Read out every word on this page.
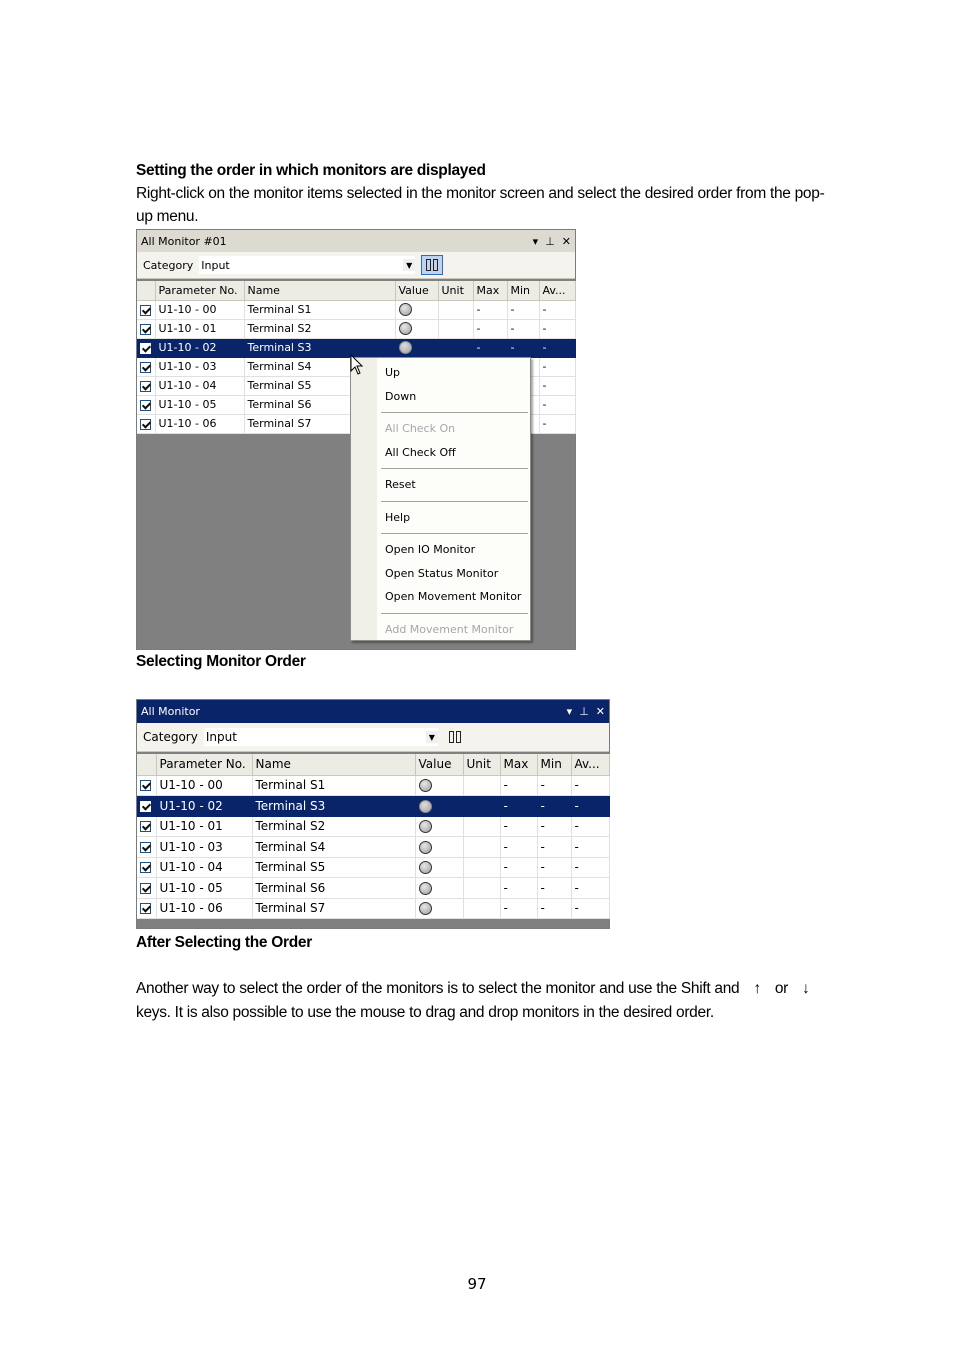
Setting the order in which monitors are displayed
Right-click on the monitor items selected in the monitor screen and select the desired order from the pop-
up menu.
All Monitor #01	▾ ⊥ ✕
Category Input	▼
	Parameter No.	Name	Value	Unit	Max	Min	Av...
	U1-10 - 00	Terminal S1			-	-	-
	U1-10 - 01	Terminal S2			-	-	-
	U1-10 - 02	Terminal S3			-	-	-
	U1-10 - 03	Terminal S4					-
	U1-10 - 04	Terminal S5					-
	U1-10 - 05	Terminal S6					-
	U1-10 - 06	Terminal S7					-
Up
Down
All Check On
All Check Off
Reset
Help
Open IO Monitor
Open Status Monitor
Open Movement Monitor
Add Movement Monitor
Selecting Monitor Order
All Monitor	▾ ⊥ ✕
Category Input	▼
	Parameter No.	Name	Value	Unit	Max	Min	Av...
	U1-10 - 00	Terminal S1			-	-	-
	U1-10 - 02	Terminal S3			-	-	-
	U1-10 - 01	Terminal S2			-	-	-
	U1-10 - 03	Terminal S4			-	-	-
	U1-10 - 04	Terminal S5			-	-	-
	U1-10 - 05	Terminal S6			-	-	-
	U1-10 - 06	Terminal S7			-	-	-
After Selecting the Order
Another way to select the order of the monitors is to select the monitor and use the Shift and ↑ or ↓
keys. It is also possible to use the mouse to drag and drop monitors in the desired order.
97
